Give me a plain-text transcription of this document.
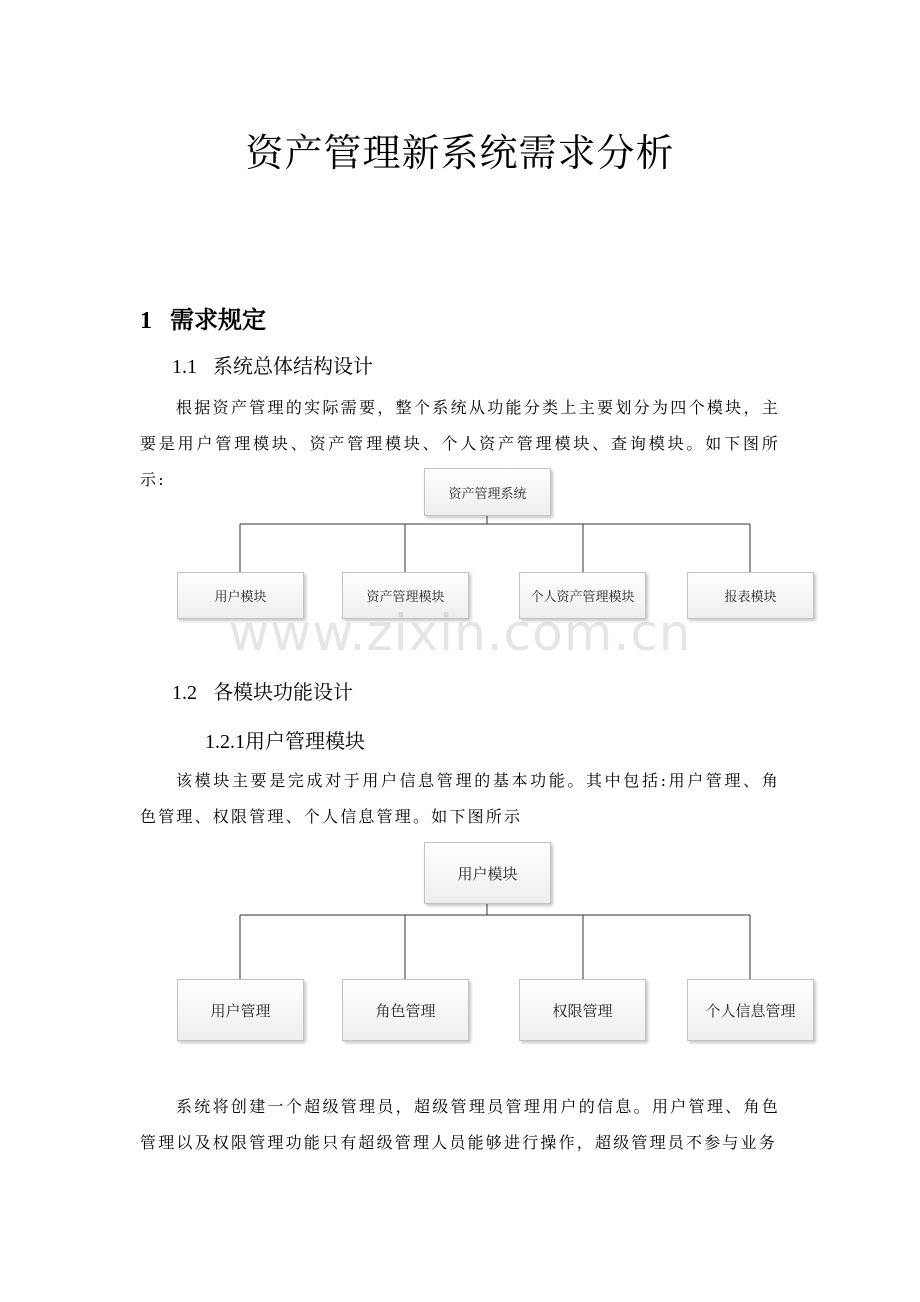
资产管理新系统需求分析
1 需求规定
1.1 系统总体结构设计

根据资产管理的实际需要，整个系统从功能分类上主要划分为四个模块，主要是用户管理模块、资产管理模块、个人资产管理模块、查询模块。如下图所示:

资产管理系统
用户模块	资产管理模块	个人资产管理模块	报表模块
www.zixin.com.cn
1.2 各模块功能设计
1.2.1用户管理模块

该模块主要是完成对于用户信息管理的基本功能。其中包括:用户管理、角色管理、权限管理、个人信息管理。如下图所示

用户模块
用户管理	角色管理	权限管理	个人信息管理

系统将创建一个超级管理员，超级管理员管理用户的信息。用户管理、角色管理以及权限管理功能只有超级管理人员能够进行操作，超级管理员不参与业务
